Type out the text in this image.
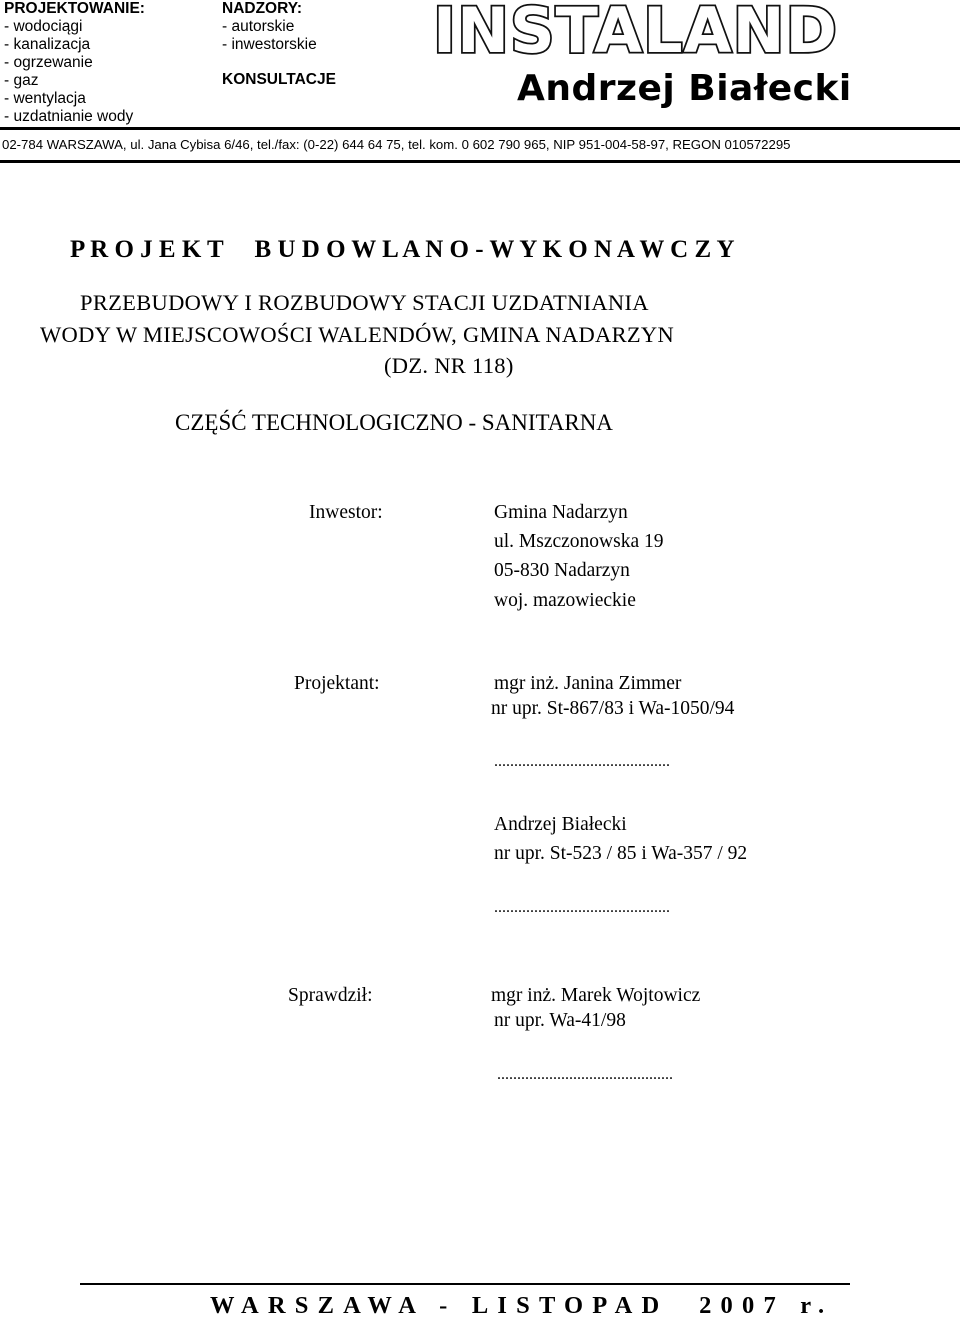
PROJEKTOWANIE:
- wodociągi
- kanalizacja
- ogrzewanie
- gaz
- wentylacja
- uzdatnianie wody
NADZORY:
- autorskie
- inwestorskie
KONSULTACJE
INSTALAND
Andrzej Białecki
02-784 WARSZAWA, ul. Jana Cybisa 6/46, tel./fax: (0-22) 644 64 75, tel. kom. 0 602 790 965, NIP 951-004-58-97, REGON 010572295
P R O J E K T     B U D O W L A N O - W Y K O N A W C Z Y
PRZEBUDOWY I ROZBUDOWY STACJI UZDATNIANIA
WODY W MIEJSCOWOŚCI WALENDÓW, GMINA NADARZYN
(DZ. NR 118)
CZĘŚĆ TECHNOLOGICZNO - SANITARNA
Inwestor:	Gmina Nadarzyn
ul. Mszczonowska 19
05-830 Nadarzyn
woj. mazowieckie
Projektant:	mgr inż. Janina Zimmer
nr upr. St-867/83 i Wa-1050/94
............................................
Andrzej Białecki
nr upr. St-523 / 85 i Wa-357 / 92
............................................
Sprawdził:	mgr inż. Marek Wojtowicz
nr upr. Wa-41/98
............................................
WARSZAWA - LISTOPAD  2007 r.
